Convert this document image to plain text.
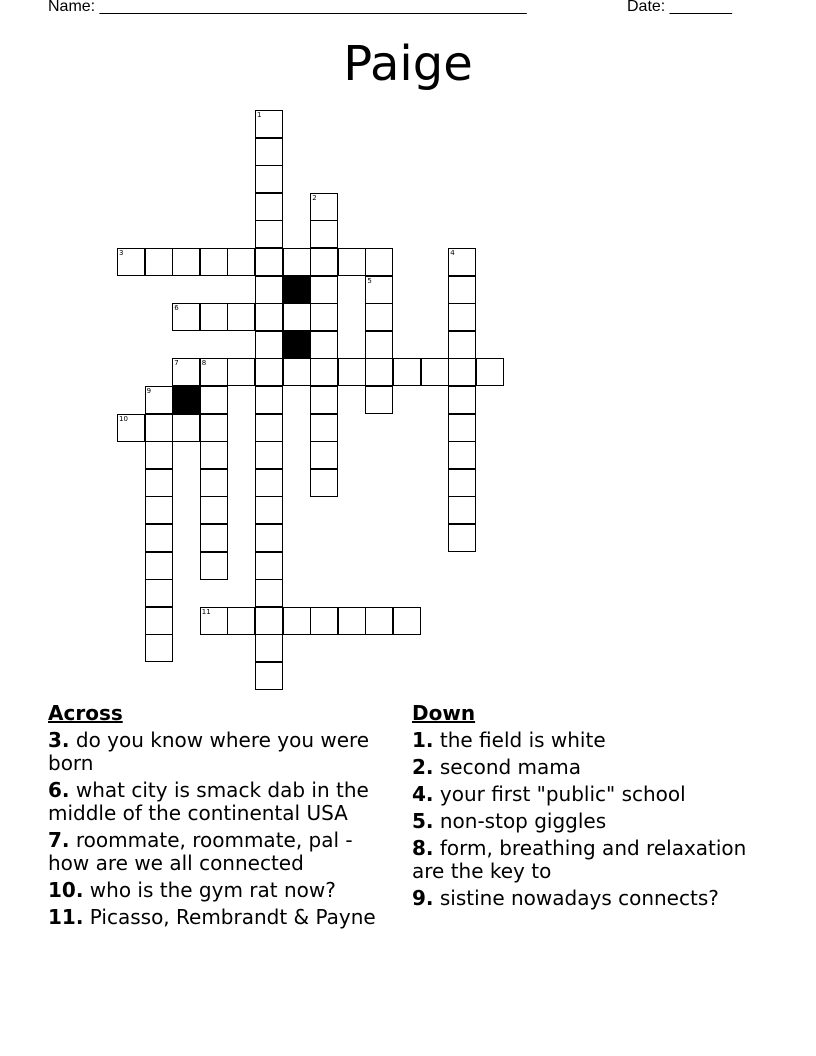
Name: ________________________________________________	Date: _______
Paige
1
2
4
5
8
9
3
6
7
10
11
Across
3. do you know where you were born
6. what city is smack dab in the middle of the continental USA
7. roommate, roommate, pal - how are we all connected
10. who is the gym rat now?
11. Picasso, Rembrandt & Payne
Down
1. the field is white
2. second mama
4. your first "public" school
5. non-stop giggles
8. form, breathing and relaxation are the key to
9. sistine nowadays connects?
